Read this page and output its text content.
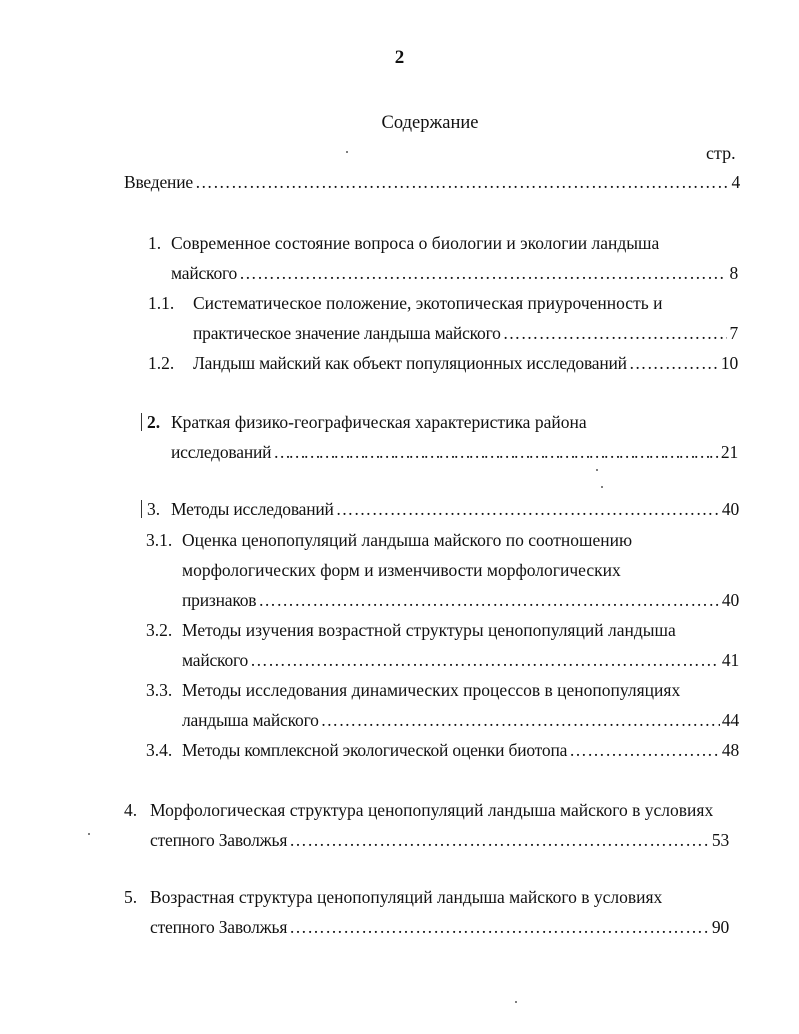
2
Содержание
стр.
Введение …………………………………………………………………………………………………………………………………………	4
1. Современное состояние вопроса о биологии и экологии ландыша
майского …………………………………………………………………………………………………………………………………………	8
1.1. Систематическое положение, экотопическая приуроченность и
практическое значение ландыша майского …………………………………………………………………………………………………………………………………………	7
1.2. Ландыш майский как объект популяционных исследований …………………………………………………………………………………………………………………………………………	10
2. Краткая физико-географическая характеристика района
исследований …………………………………………………………………………………………………………………………………………	21
3. Методы исследований …………………………………………………………………………………………………………………………………………	40
3.1. Оценка ценопопуляций ландыша майского по соотношению
морфологических форм и изменчивости морфологических
признаков …………………………………………………………………………………………………………………………………………	40
3.2. Методы изучения возрастной структуры ценопопуляций ландыша
майского …………………………………………………………………………………………………………………………………………	41
3.3. Методы исследования динамических процессов в ценопопуляциях
ландыша майского …………………………………………………………………………………………………………………………………………	44
3.4. Методы комплексной экологической оценки биотопа …………………………………………………………………………………………………………………………………………	48
4. Морфологическая структура ценопопуляций ландыша майского в условиях
степного Заволжья …………………………………………………………………………………………………………………………………………	53
5. Возрастная структура ценопопуляций ландыша майского в условиях
степного Заволжья …………………………………………………………………………………………………………………………………………	90
